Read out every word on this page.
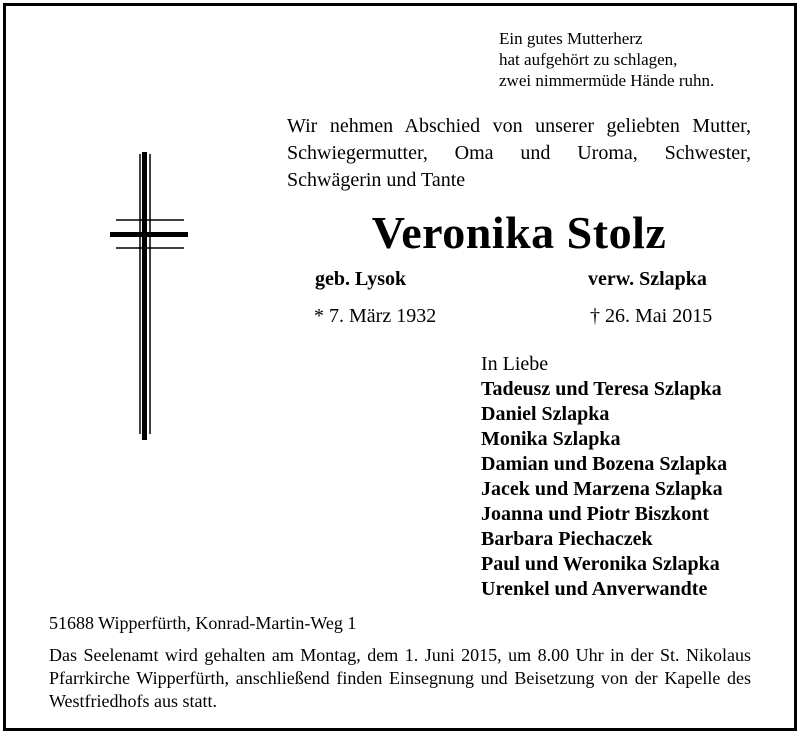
Ein gutes Mutterherz
hat aufgehört zu schlagen,
zwei nimmermüde Hände ruhn.
Wir nehmen Abschied von unserer geliebten Mutter, Schwiegermutter, Oma und Uroma, Schwester, Schwägerin und Tante
Veronika Stolz
geb. Lysok	verw. Szlapka
* 7. März 1932	† 26. Mai 2015
In Liebe
Tadeusz und Teresa Szlapka
Daniel Szlapka
Monika Szlapka
Damian und Bozena Szlapka
Jacek und Marzena Szlapka
Joanna und Piotr Biszkont
Barbara Piechaczek
Paul und Weronika Szlapka
Urenkel und Anverwandte
51688 Wipperfürth, Konrad-Martin-Weg 1
Das Seelenamt wird gehalten am Montag, dem 1. Juni 2015, um 8.00 Uhr in der St. Nikolaus Pfarrkirche Wipperfürth, anschließend finden Einsegnung und Beisetzung von der Kapelle des Westfriedhofs aus statt.
